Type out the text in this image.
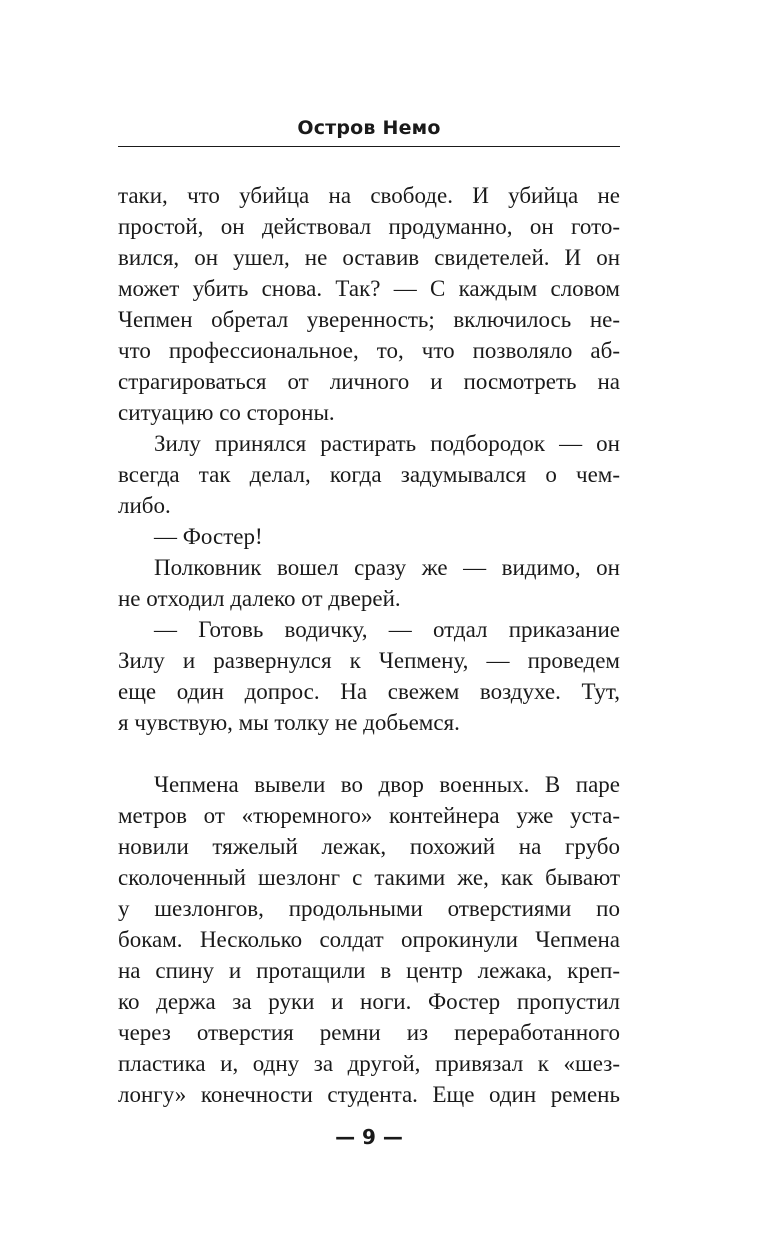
Остров Немо
таки, что убийца на свободе. И убийца не
простой, он действовал продуманно, он гото-
вился, он ушел, не оставив свидетелей. И он
может убить снова. Так? — С каждым словом
Чепмен обретал уверенность; включилось не-
что профессиональное, то, что позволяло аб-
страгироваться от личного и посмотреть на
ситуацию со стороны.
Зилу принялся растирать подбородок — он
всегда так делал, когда задумывался о чем-
либо.
— Фостер!
Полковник вошел сразу же — видимо, он
не отходил далеко от дверей.
— Готовь водичку, — отдал приказание
Зилу и развернулся к Чепмену, — проведем
еще один допрос. На свежем воздухе. Тут,
я чувствую, мы толку не добьемся.
Чепмена вывели во двор военных. В паре
метров от «тюремного» контейнера уже уста-
новили тяжелый лежак, похожий на грубо
сколоченный шезлонг с такими же, как бывают
у шезлонгов, продольными отверстиями по
бокам. Несколько солдат опрокинули Чепмена
на спину и протащили в центр лежака, креп-
ко держа за руки и ноги. Фостер пропустил
через отверстия ремни из переработанного
пластика и, одну за другой, привязал к «шез-
лонгу» конечности студента. Еще один ремень
— 9 —
